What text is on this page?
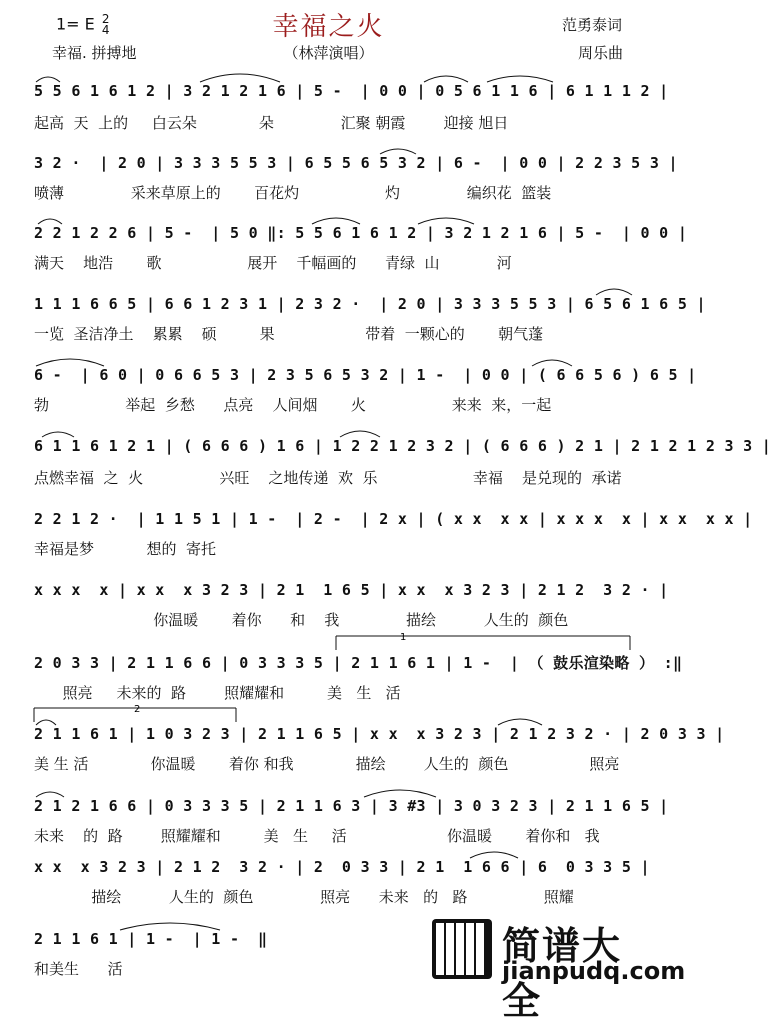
1= E 2
4	幸福之火
（林萍演唱）
幸福. 拼搏地
范勇泰词
周乐曲
5 5 6 1 6 1 2 | 3 2 1 2 1 6 | 5 -  | 0 0 | 0 5 6 1 1 6 | 6 1 1 1 2 |
起高  天  上的     白云朵             朵              汇聚 朝霞        迎接 旭日
3 2 ·  | 2 0 | 3 3 3 5 5 3 | 6 5 5 6 5 3 2 | 6 -  | 0 0 | 2 2 3 5 3 |
喷薄              采来草原上的       百花灼                  灼              编织花  篮装
2 2 1 2 2 6 | 5 -  | 5 0 ‖: 5 5 6 1 6 1 2 | 3 2 1 2 1 6 | 5 -  | 0 0 |
满天    地浩       歌                  展开    千幅画的      青绿  山            河
1 1 1 6 6 5 | 6 6 1 2 3 1 | 2 3 2 ·  | 2 0 | 3 3 3 5 5 3 | 6 5 6 1 6 5 |
一览  圣洁净土    累累    硕         果                   带着  一颗心的       朝气蓬
6 -  | 6 0 | 0 6 6 5 3 | 2 3 5 6 5 3 2 | 1 -  | 0 0 | ( 6 6 5 6 ) 6 5 |
勃                举起  乡愁      点亮    人间烟       火                  来来  来，一起
6 1 1 6 1 2 1 | ( 6 6 6 ) 1 6 | 1 2 2 1 2 3 2 | ( 6 6 6 ) 2 1 | 2 1 2 1 2 3 3 |
点燃幸福  之  火                兴旺    之地传递  欢  乐                    幸福    是兑现的  承诺
2 2 1 2 ·  | 1 1 5 1 | 1 -  | 2 -  | 2 x | ( x x  x x | x x x  x | x x  x x |
幸福是梦           想的  寄托
x x x  x | x x  x 3 2 3 | 2 1  1 6 5 | x x  x 3 2 3 | 2 1 2  3 2 · |
你温暖       着你      和    我              描绘          人生的  颜色
2 0 3 3 | 2 1 1 6 6 | 0 3 3 3 5 | 2 1 1 6 1 | 1 -  | （ 鼓乐渲染略 ） :‖
照亮     未来的  路        照耀耀和         美   生   活
2 1 1 6 1 | 1 0 3 2 3 | 2 1 1 6 5 | x x  x 3 2 3 | 2 1 2 3 2 · | 2 0 3 3 |
美 生 活             你温暖       着你 和我             描绘        人生的  颜色                 照亮
2 1 2 1 6 6 | 0 3 3 3 5 | 2 1 1 6 3 | 3 #3 | 3 0 3 2 3 | 2 1 1 6 5 |
未来    的  路        照耀耀和         美   生     活                     你温暖       着你和   我
x x  x 3 2 3 | 2 1 2  3 2 · | 2  0 3 3 | 2 1  1 6 6 | 6  0 3 3 5 |
描绘          人生的  颜色              照亮      未来   的   路                照耀
2 1 1 6 1 | 1 -  | 1 -  ‖
和美生      活
1
2
简谱大全
jianpudq.com
